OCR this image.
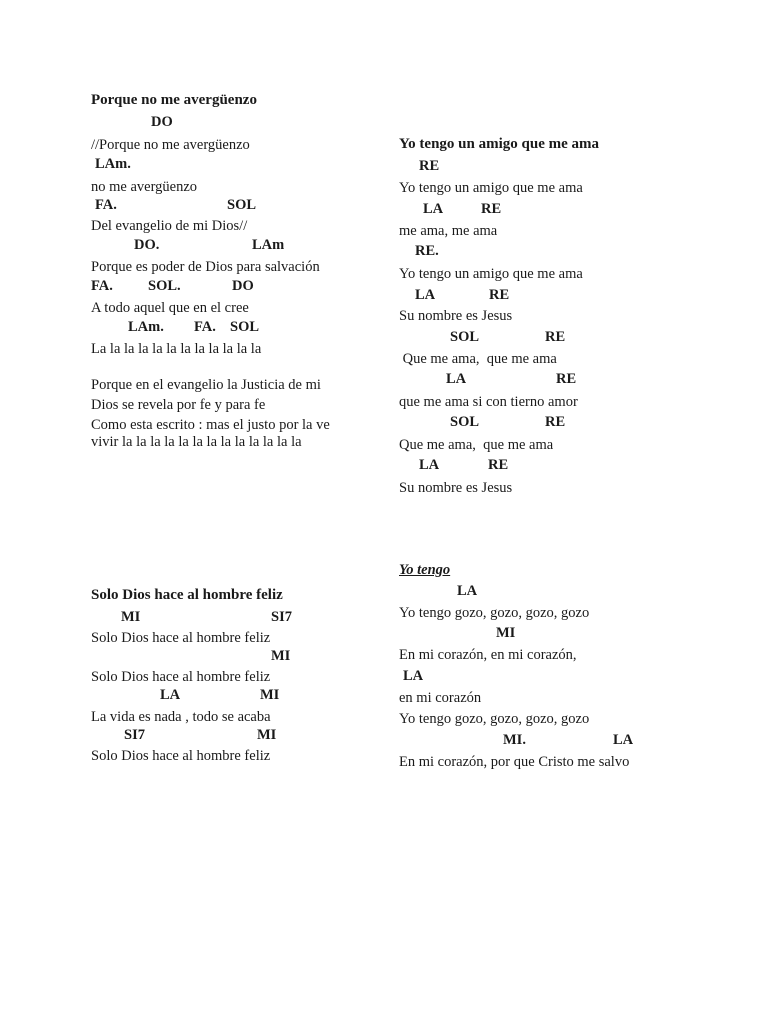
Porque no me avergüenzo
DO
//Porque no me avergüenzo
LAm.
no me avergüenzo
FA.	SOL
Del evangelio de mi Dios//
DO.	LAm
Porque es poder de Dios para salvación
FA. SOL.	DO
A todo aquel que en el cree
LAm. FA. SOL
La la la la la la la la la la la la
Porque en el evangelio la Justicia de mi
Dios se revela por fe y para fe
Como esta escrito : mas el justo por la ve
vivir la la la la la la la la la la la la la
Yo tengo un amigo que me ama
RE
Yo tengo un amigo que me ama
LA	RE
me ama, me ama
RE.
Yo tengo un amigo que me ama
LA	RE
Su nombre es Jesus
SOL	RE
Que me ama,  que me ama
LA	RE
que me ama si con tierno amor
SOL	RE
Que me ama,  que me ama
LA	RE
Su nombre es Jesus
Solo Dios hace al hombre feliz
MI	SI7
Solo Dios hace al hombre feliz
MI
Solo Dios hace al hombre feliz
LA	MI
La vida es nada , todo se acaba
SI7	MI
Solo Dios hace al hombre feliz
Yo tengo
LA
Yo tengo gozo, gozo, gozo, gozo
MI
En mi corazón, en mi corazón,
LA
en mi corazón
Yo tengo gozo, gozo, gozo, gozo
MI.	LA
En mi corazón, por que Cristo me salvo
